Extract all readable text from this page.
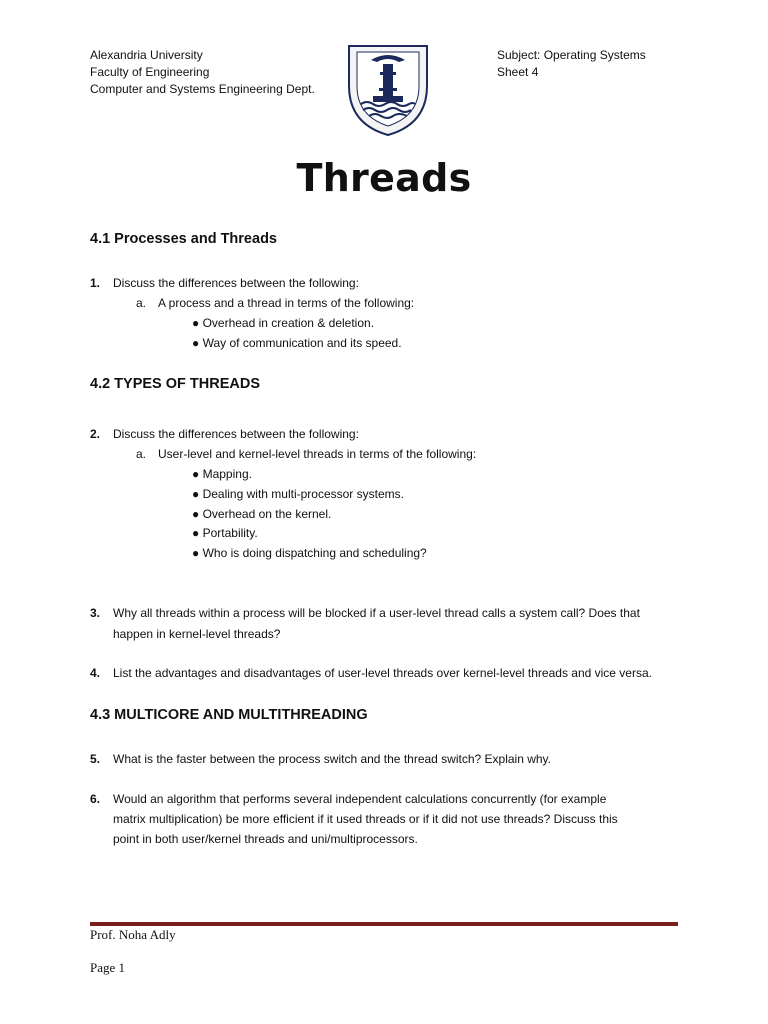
Alexandria University
Faculty of Engineering
Computer and Systems Engineering Dept.
Subject: Operating Systems
Sheet 4
Threads
4.1 Processes and Threads
1. Discuss the differences between the following:
a. A process and a thread in terms of the following:
● Overhead in creation & deletion.
● Way of communication and its speed.
4.2 TYPES OF THREADS
2. Discuss the differences between the following:
a. User-level and kernel-level threads in terms of the following:
● Mapping.
● Dealing with multi-processor systems.
● Overhead on the kernel.
● Portability.
● Who is doing dispatching and scheduling?
3. Why all threads within a process will be blocked if a user-level thread calls a system call? Does that
happen in kernel-level threads?
4. List the advantages and disadvantages of user-level threads over kernel-level threads and vice versa.
4.3 MULTICORE AND MULTITHREADING
5. What is the faster between the process switch and the thread switch? Explain why.
6. Would an algorithm that performs several independent calculations concurrently (for example
matrix multiplication) be more efficient if it used threads or if it did not use threads? Discuss this
point in both user/kernel threads and uni/multiprocessors.
Prof. Noha Adly
Page 1
